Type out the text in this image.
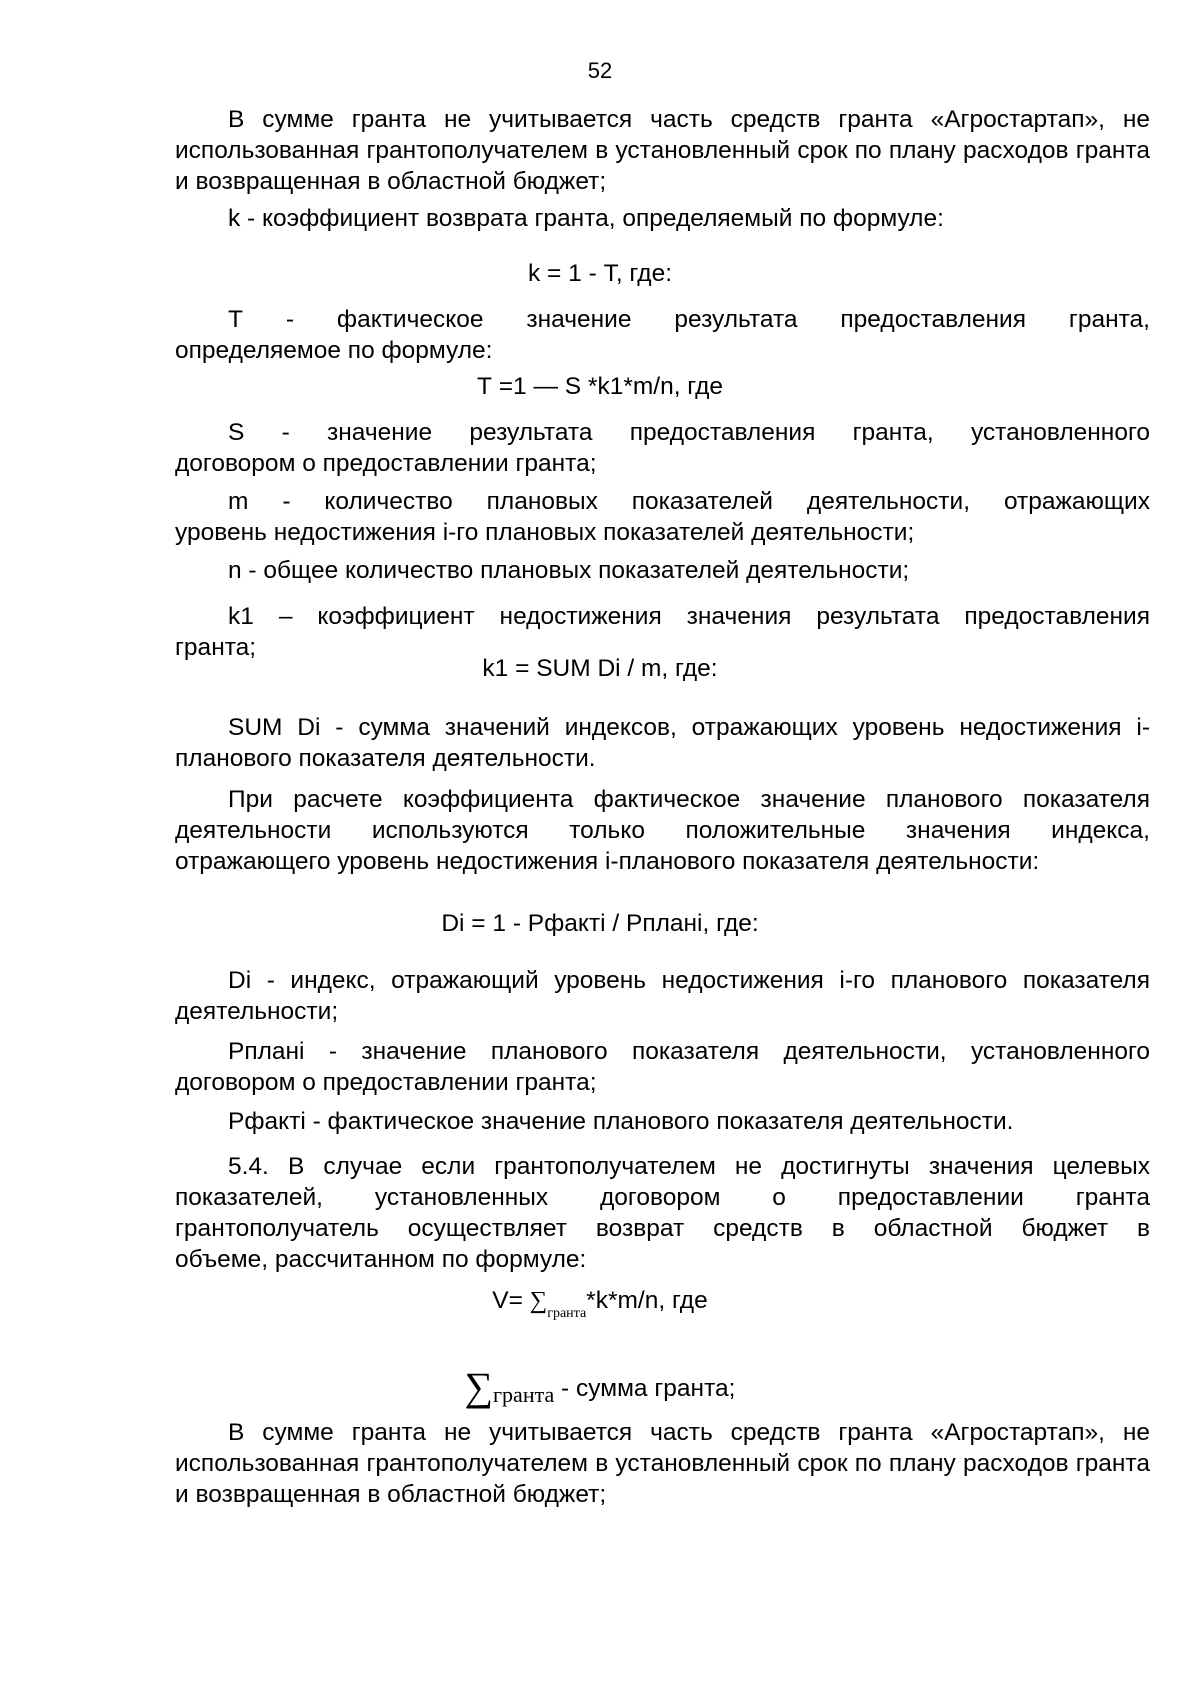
52
В сумме гранта не учитывается часть средств гранта «Агростартап», не использованная грантополучателем в установленный срок по плану расходов гранта и возвращенная в областной бюджет;
k - коэффициент возврата гранта, определяемый по формуле:
k = 1 - Т, где:
Т - фактическое значение результата предоставления гранта,
определяемое по формуле:
Т =1 — S *k1*m/n, где
S - значение результата предоставления гранта, установленного
договором о предоставлении гранта;
m - количество плановых показателей деятельности, отражающих
уровень недостижения i-го плановых показателей деятельности;
n - общее количество плановых показателей деятельности;
k1 – коэффициент недостижения значения результата предоставления
гранта;
k1 = SUM Di / m, где:
SUM Di - сумма значений индексов, отражающих уровень недостижения i-
планового показателя деятельности.
При расчете коэффициента фактическое значение планового показателя
деятельности используются только положительные значения индекса,
отражающего уровень недостижения i-планового показателя деятельности:
Di = 1 - Рфактi / Рпланi, где:
Di - индекс, отражающий уровень недостижения i-го планового показателя
деятельности;
Рпланi - значение планового показателя деятельности, установленного
договором о предоставлении гранта;
Рфактi - фактическое значение планового показателя деятельности.
5.4. В случае если грантополучателем не достигнуты значения целевых
показателей, установленных договором о предоставлении гранта
грантополучатель осуществляет возврат средств в областной бюджет в
объеме, рассчитанном по формуле:
$V= \sum_{гранта}*k*m/n$, где
∑гранта - сумма гранта;
В сумме гранта не учитывается часть средств гранта «Агростартап», не использованная грантополучателем в установленный срок по плану расходов гранта и возвращенная в областной бюджет;
